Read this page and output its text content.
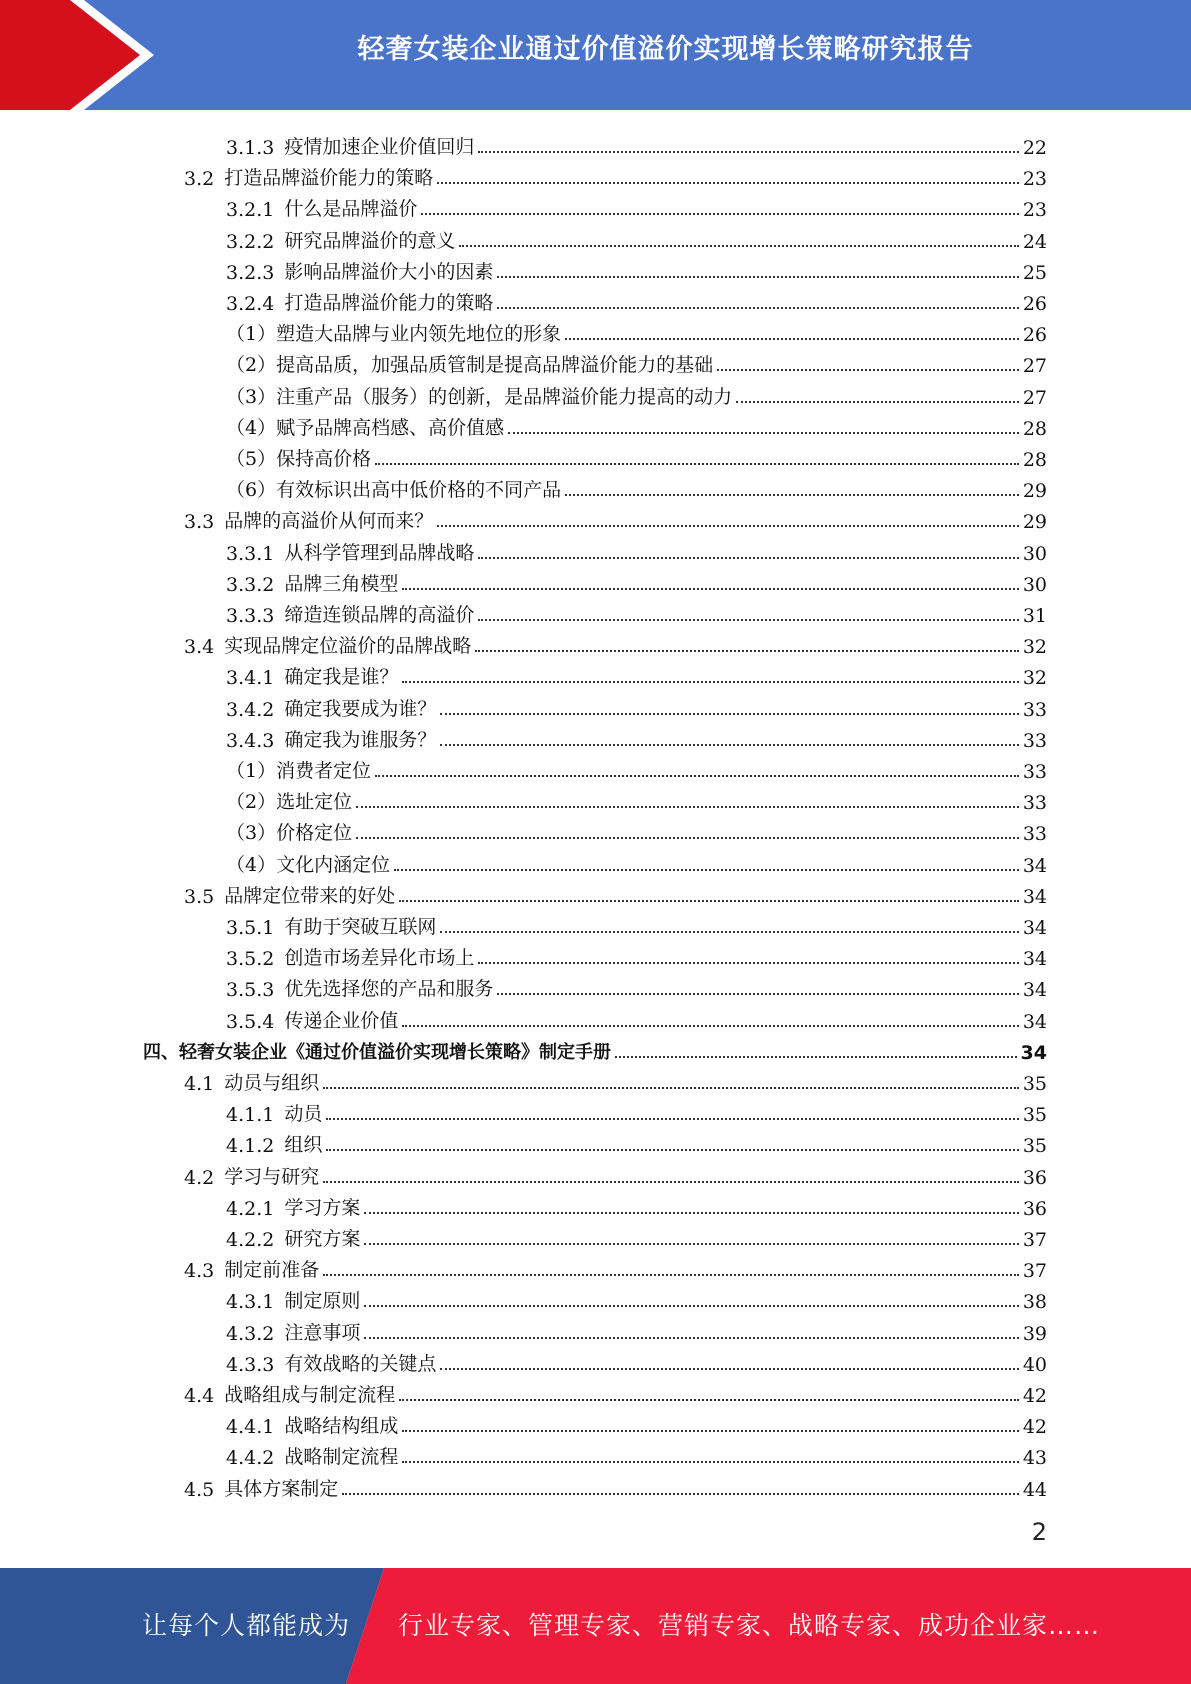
轻奢女装企业通过价值溢价实现增长策略研究报告
3.1.3 疫情加速企业价值回归	22
3.2 打造品牌溢价能力的策略	23
3.2.1 什么是品牌溢价	23
3.2.2 研究品牌溢价的意义	24
3.2.3 影响品牌溢价大小的因素	25
3.2.4 打造品牌溢价能力的策略	26
（1）塑造大品牌与业内领先地位的形象	26
（2）提高品质，加强品质管制是提高品牌溢价能力的基础	27
（3）注重产品（服务）的创新，是品牌溢价能力提高的动力	27
（4）赋予品牌高档感、高价值感	28
（5）保持高价格	28
（6）有效标识出高中低价格的不同产品	29
3.3 品牌的高溢价从何而来？	29
3.3.1 从科学管理到品牌战略	30
3.3.2 品牌三角模型	30
3.3.3 缔造连锁品牌的高溢价	31
3.4 实现品牌定位溢价的品牌战略	32
3.4.1 确定我是谁？	32
3.4.2 确定我要成为谁？	33
3.4.3 确定我为谁服务？	33
（1）消费者定位	33
（2）选址定位	33
（3）价格定位	33
（4）文化内涵定位	34
3.5 品牌定位带来的好处	34
3.5.1 有助于突破互联网	34
3.5.2 创造市场差异化市场上	34
3.5.3 优先选择您的产品和服务	34
3.5.4 传递企业价值	34
四、轻奢女装企业《通过价值溢价实现增长策略》制定手册	34
4.1 动员与组织	35
4.1.1 动员	35
4.1.2 组织	35
4.2 学习与研究	36
4.2.1 学习方案	36
4.2.2 研究方案	37
4.3 制定前准备	37
4.3.1 制定原则	38
4.3.2 注意事项	39
4.3.3 有效战略的关键点	40
4.4 战略组成与制定流程	42
4.4.1 战略结构组成	42
4.4.2 战略制定流程	43
4.5 具体方案制定	44
2
让每个人都能成为 行业专家、管理专家、营销专家、战略专家、成功企业家……
